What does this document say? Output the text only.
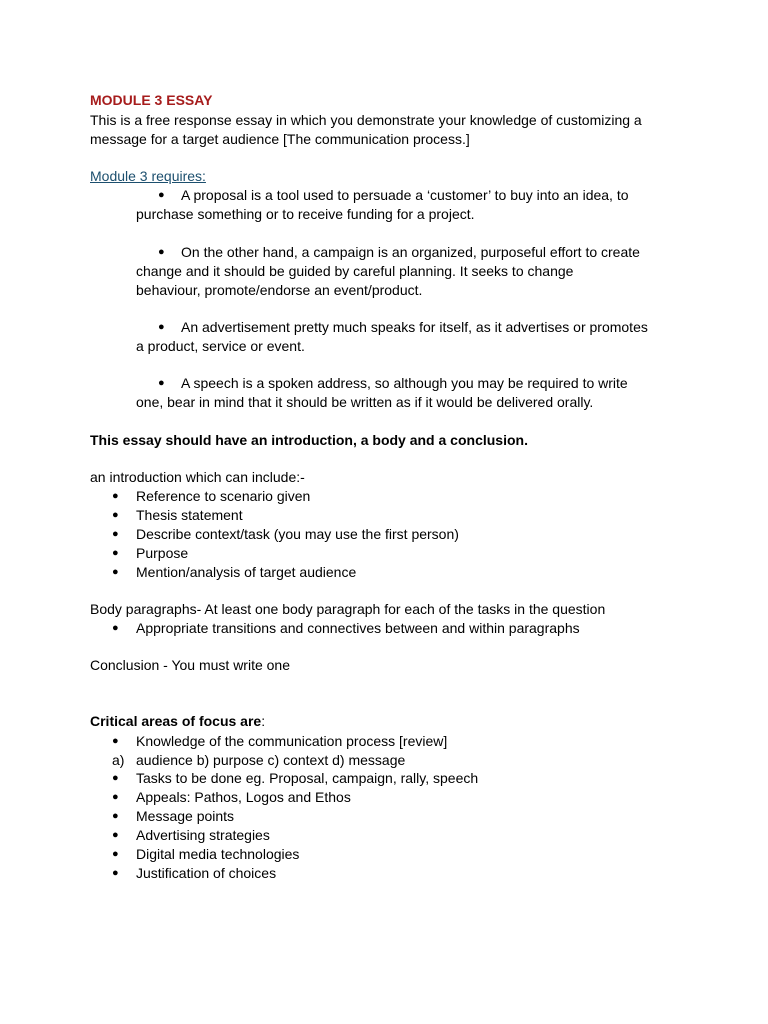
MODULE 3 ESSAY

This is a free response essay in which you demonstrate your knowledge of customizing a

message for a target audience [The communication process.]

Module 3 requires:

● A proposal is a tool used to persuade a ‘customer’ to buy into an idea, to

purchase something or to receive funding for a project.

● On the other hand, a campaign is an organized, purposeful effort to create

change and it should be guided by careful planning. It seeks to change

behaviour, promote/endorse an event/product.

● An advertisement pretty much speaks for itself, as it advertises or promotes

a product, service or event.

● A speech is a spoken address, so although you may be required to write

one, bear in mind that it should be written as if it would be delivered orally.

This essay should have an introduction, a body and a conclusion.

an introduction which can include:-

● Reference to scenario given

● Thesis statement

● Describe context/task (you may use the first person)

● Purpose

● Mention/analysis of target audience

Body paragraphs- At least one body paragraph for each of the tasks in the question

● Appropriate transitions and connectives between and within paragraphs

Conclusion - You must write one

Critical areas of focus are:

● Knowledge of the communication process [review]

a) audience b) purpose c) context d) message

● Tasks to be done eg. Proposal, campaign, rally, speech

● Appeals: Pathos, Logos and Ethos

● Message points

● Advertising strategies

● Digital media technologies

● Justification of choices
